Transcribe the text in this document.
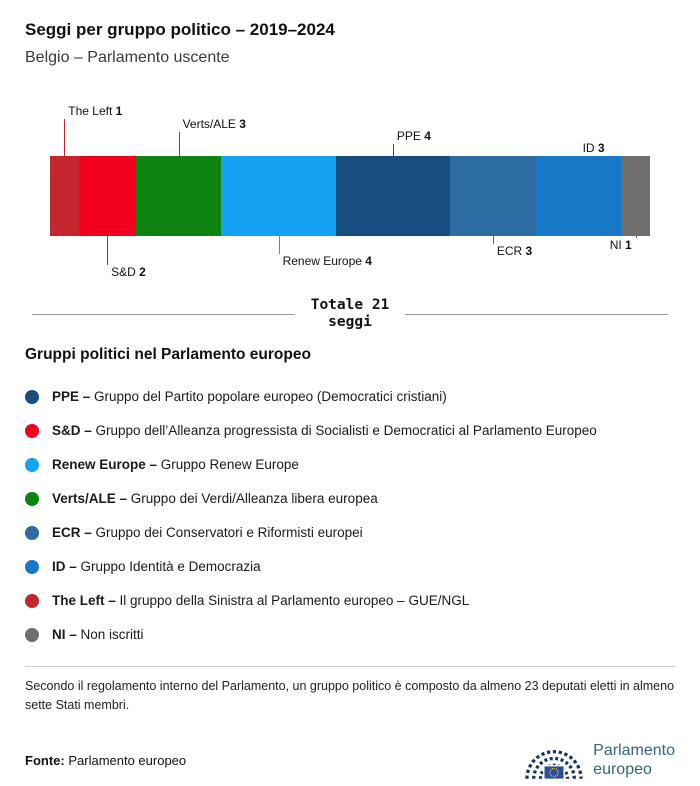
Seggi per gruppo politico – 2019–2024
Belgio – Parlamento uscente
The Left 1
S&D 2
Verts/ALE 3
Renew Europe 4
PPE 4
ECR 3
ID 3
NI 1
Totale 21
seggi
Gruppi politici nel Parlamento europeo
PPE – Gruppo del Partito popolare europeo (Democratici cristiani)
S&D – Gruppo dell’Alleanza progressista di Socialisti e Democratici al Parlamento Europeo
Renew Europe – Gruppo Renew Europe
Verts/ALE – Gruppo dei Verdi/Alleanza libera europea
ECR – Gruppo dei Conservatori e Riformisti europei
ID – Gruppo Identità e Democrazia
The Left – Il gruppo della Sinistra al Parlamento europeo – GUE/NGL
NI – Non iscritti
Secondo il regolamento interno del Parlamento, un gruppo politico è composto da almeno 23 deputati eletti in almeno sette Stati membri.
Fonte: Parlamento europeo
Parlamento
europeo
